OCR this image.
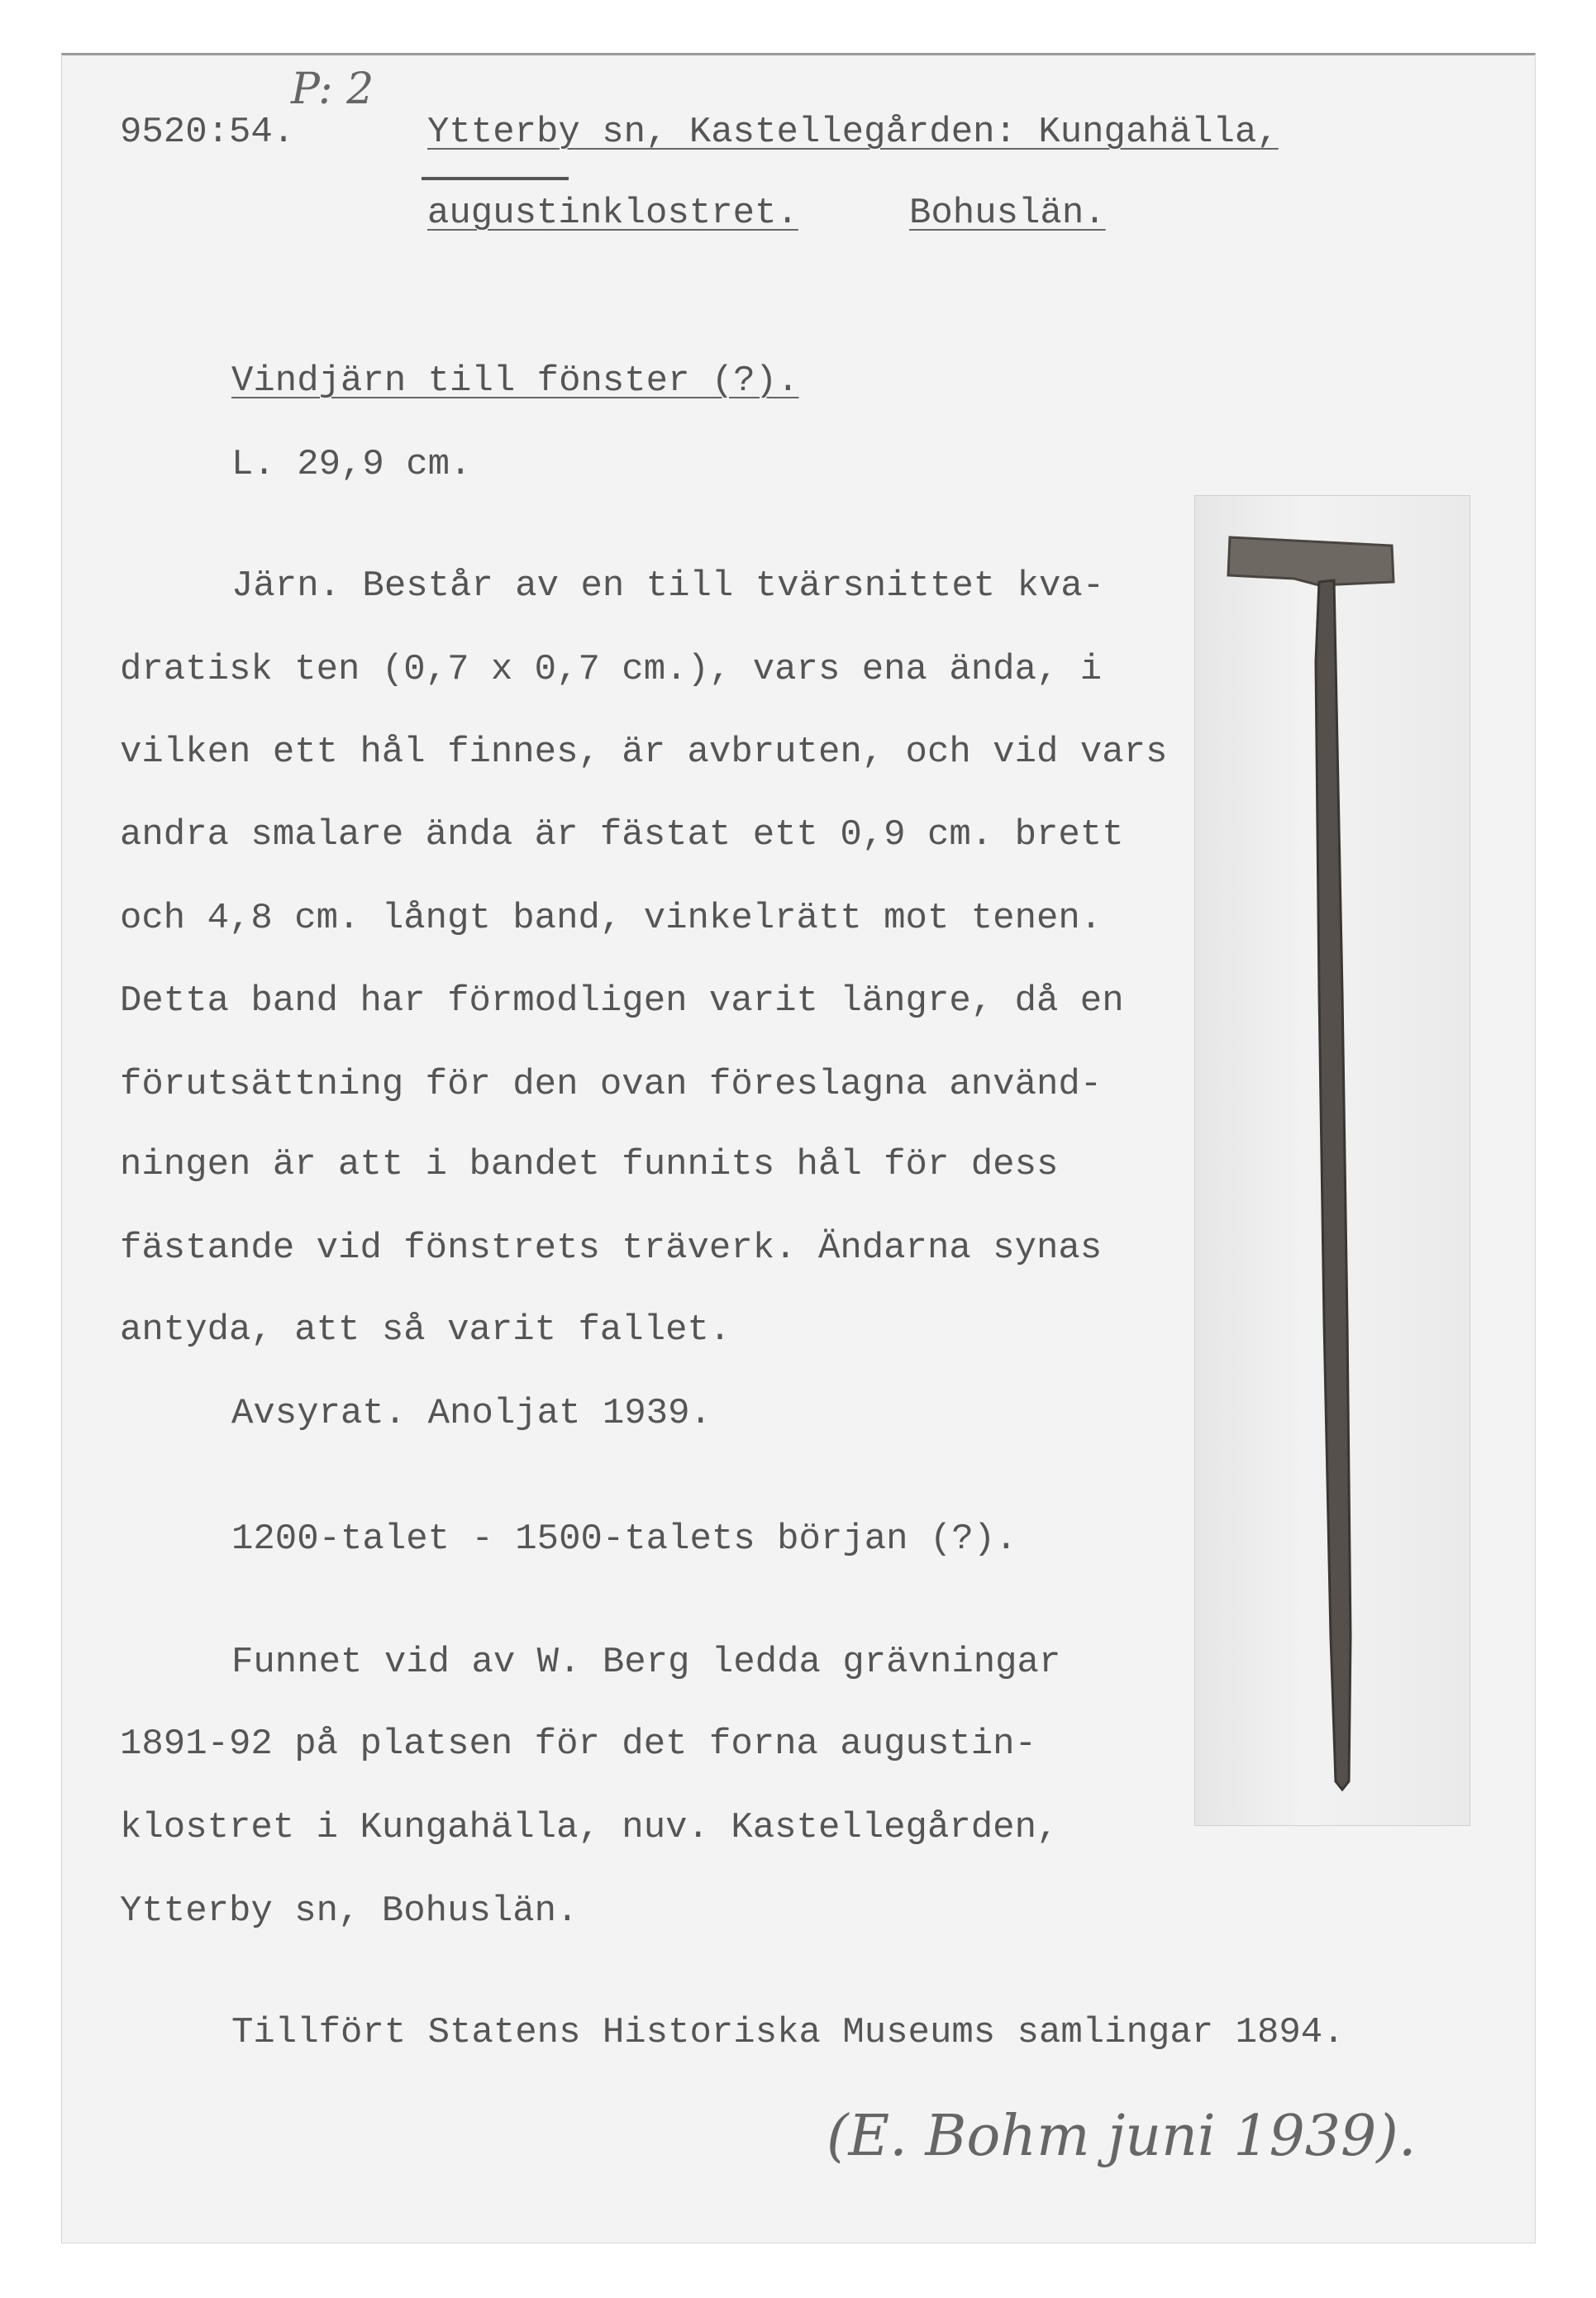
P: 2
9520:54.	Ytterby sn, Kastellegården: Kungahälla,
augustinklostret.	Bohuslän.
Vindjärn till fönster (?).
L. 29,9 cm.
Järn. Består av en till tvärsnittet kva-
dratisk ten (0,7 x 0,7 cm.), vars ena ända, i
vilken ett hål finnes, är avbruten, och vid vars
andra smalare ända är fästat ett 0,9 cm. brett
och 4,8 cm. långt band, vinkelrätt mot tenen.
Detta band har förmodligen varit längre, då en
förutsättning för den ovan föreslagna använd-
ningen är att i bandet funnits hål för dess
fästande vid fönstrets träverk. Ändarna synas
antyda, att så varit fallet.
Avsyrat. Anoljat 1939.
1200-talet - 1500-talets början (?).
Funnet vid av W. Berg ledda grävningar
1891-92 på platsen för det forna augustin-
klostret i Kungahälla, nuv. Kastellegården,
Ytterby sn, Bohuslän.
Tillfört Statens Historiska Museums samlingar 1894.
(E. Bohm juni 1939).
